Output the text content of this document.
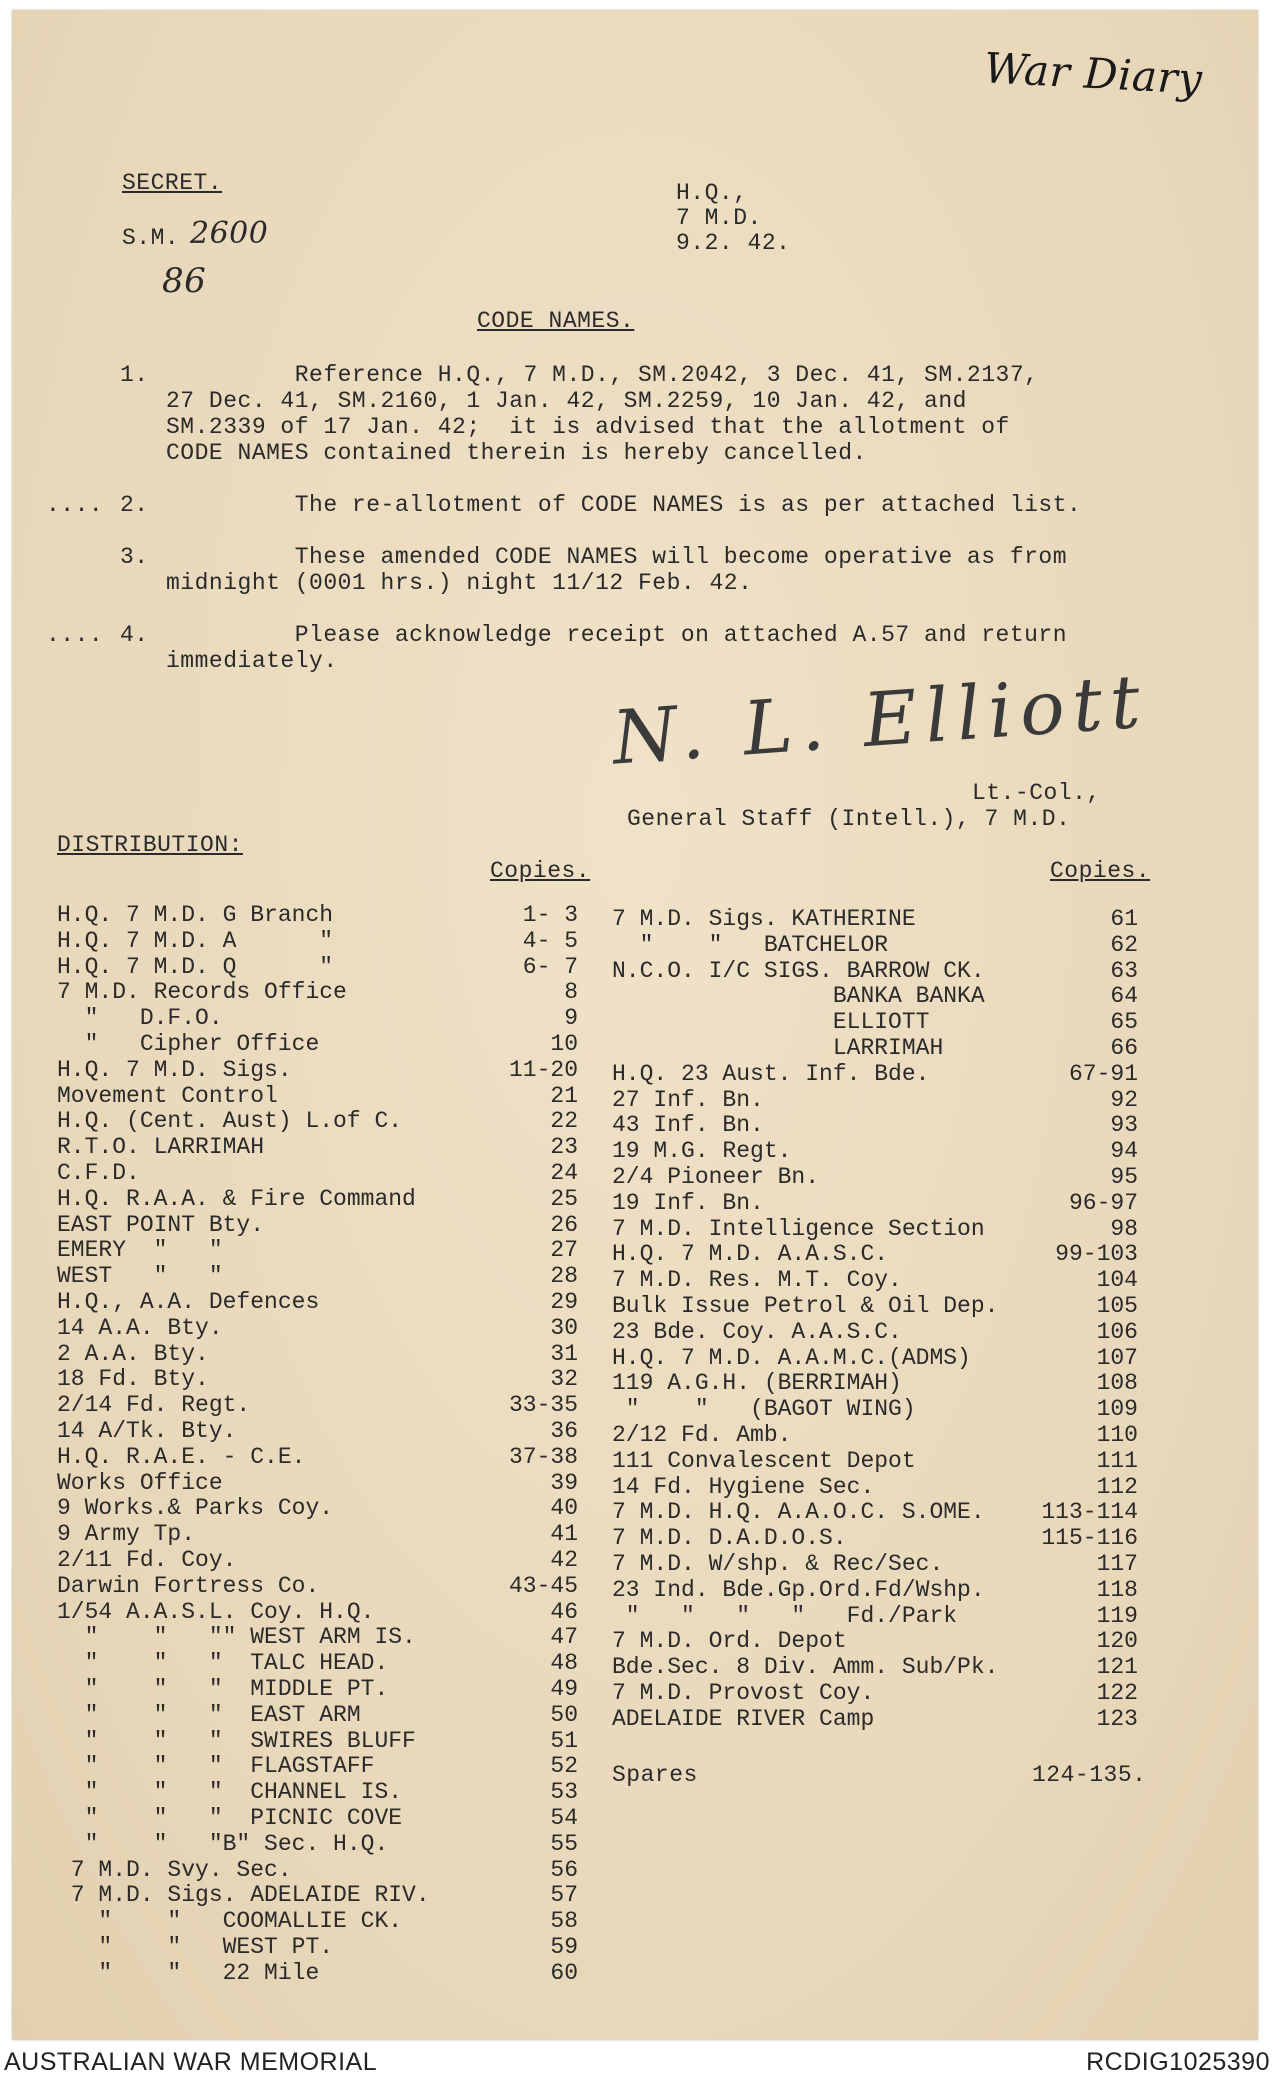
War Diary
SECRET.
S.M. 2600
86
H.Q.,
7 M.D.
9.2. 42.
CODE NAMES.
1. Reference H.Q., 7 M.D., SM.2042, 3 Dec. 41, SM.2137,
27 Dec. 41, SM.2160, 1 Jan. 42, SM.2259, 10 Jan. 42, and
SM.2339 of 17 Jan. 42;  it is advised that the allotment of
CODE NAMES contained therein is hereby cancelled.
.... 2. The re-allotment of CODE NAMES is as per attached list.
3. These amended CODE NAMES will become operative as from
midnight (0001 hrs.) night 11/12 Feb. 42.
.... 4. Please acknowledge receipt on attached A.57 and return
immediately.	N. L. Elliott
Lt.-Col.,
General Staff (Intell.), 7 M.D.
DISTRIBUTION:
Copies.	Copies.
H.Q. 7 M.D. G Branch	1- 3
H.Q. 7 M.D. A      "	4- 5
H.Q. 7 M.D. Q      "	6- 7
7 M.D. Records Office	8
"   D.F.O.	9
"   Cipher Office	10
H.Q. 7 M.D. Sigs.	11-20
Movement Control	21
H.Q. (Cent. Aust) L.of C.	22
R.T.O. LARRIMAH	23
C.F.D.	24
H.Q. R.A.A. & Fire Command	25
EAST POINT Bty.	26
EMERY  "   "	27
WEST   "   "	28
H.Q., A.A. Defences	29
14 A.A. Bty.	30
2 A.A. Bty.	31
18 Fd. Bty.	32
2/14 Fd. Regt.	33-35
14 A/Tk. Bty.	36
H.Q. R.A.E. - C.E.	37-38
Works Office	39
9 Works.& Parks Coy.	40
9 Army Tp.	41
2/11 Fd. Coy.	42
Darwin Fortress Co.	43-45
1/54 A.A.S.L. Coy. H.Q.	46
"    "   "" WEST ARM IS.	47
"    "   "  TALC HEAD.	48
"    "   "  MIDDLE PT.	49
"    "   "  EAST ARM	50
"    "   "  SWIRES BLUFF	51
"    "   "  FLAGSTAFF	52
"    "   "  CHANNEL IS.	53
"    "   "  PICNIC COVE	54
"    "   "B" Sec. H.Q.	55
7 M.D. Svy. Sec.	56
7 M.D. Sigs. ADELAIDE RIV.	57
"    "   COOMALLIE CK.	58
"    "   WEST PT.	59
"    "   22 Mile	60
7 M.D. Sigs. KATHERINE	61
"    "   BATCHELOR	62
N.C.O. I/C SIGS. BARROW CK.	63
BANKA BANKA	64
ELLIOTT	65
LARRIMAH	66
H.Q. 23 Aust. Inf. Bde.	67-91
27 Inf. Bn.	92
43 Inf. Bn.	93
19 M.G. Regt.	94
2/4 Pioneer Bn.	95
19 Inf. Bn.	96-97
7 M.D. Intelligence Section	98
H.Q. 7 M.D. A.A.S.C.	99-103
7 M.D. Res. M.T. Coy.	104
Bulk Issue Petrol & Oil Dep.	105
23 Bde. Coy. A.A.S.C.	106
H.Q. 7 M.D. A.A.M.C.(ADMS)	107
119 A.G.H. (BERRIMAH)	108
"    "   (BAGOT WING)	109
2/12 Fd. Amb.	110
111 Convalescent Depot	111
14 Fd. Hygiene Sec.	112
7 M.D. H.Q. A.A.O.C. S.OME. 113-114
7 M.D. D.A.D.O.S.	115-116
7 M.D. W/shp. & Rec/Sec.	117
23 Ind. Bde.Gp.Ord.Fd/Wshp.	118
"   "   "   "   Fd./Park	119
7 M.D. Ord. Depot	120
Bde.Sec. 8 Div. Amm. Sub/Pk.	121
7 M.D. Provost Coy.	122
ADELAIDE RIVER Camp	123
Spares	124-135.
AUSTRALIAN WAR MEMORIAL	RCDIG1025390
